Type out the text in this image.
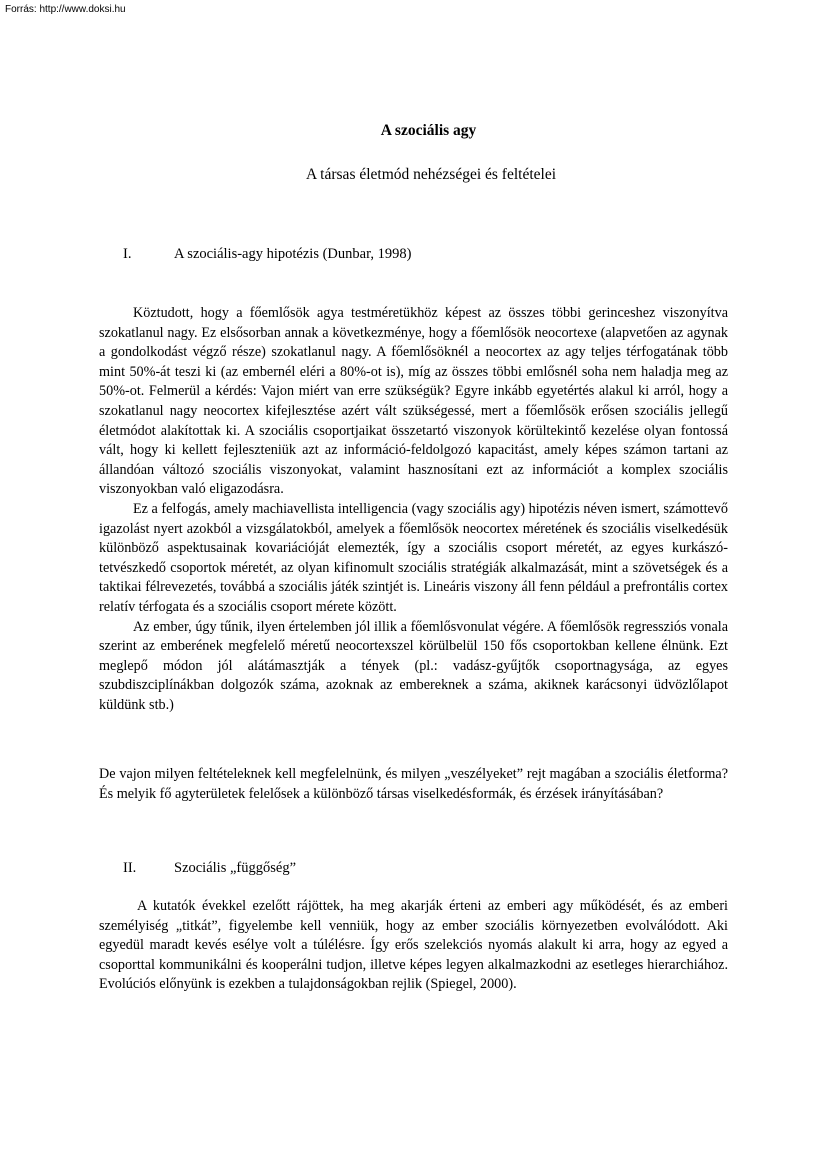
Forrás: http://www.doksi.hu
A szociális agy
A társas életmód nehézségei és feltételei
I.	A szociális-agy hipotézis (Dunbar, 1998)

Köztudott, hogy a főemlősök agya testméretükhöz képest az összes többi gerinceshez viszonyítva szokatlanul nagy. Ez elsősorban annak a következménye, hogy a főemlősök neocortexe (alapvetően az agynak a gondolkodást végző része) szokatlanul nagy. A főemlősöknél a neocortex az agy teljes térfogatának több mint 50%-át teszi ki (az embernél eléri a 80%-ot is), míg az összes többi emlősnél soha nem haladja meg az 50%-ot. Felmerül a kérdés: Vajon miért van erre szükségük? Egyre inkább egyetértés alakul ki arról, hogy a szokatlanul nagy neocortex kifejlesztése azért vált szükségessé, mert a főemlősök erősen szociális jellegű életmódot alakítottak ki. A szociális csoportjaikat összetartó viszonyok körültekintő kezelése olyan fontossá vált, hogy ki kellett fejleszteniük azt az információ-feldolgozó kapacitást, amely képes számon tartani az állandóan változó szociális viszonyokat, valamint hasznosítani ezt az információt a komplex szociális viszonyokban való eligazodásra.

Ez a felfogás, amely machiavellista intelligencia (vagy szociális agy) hipotézis néven ismert, számottevő igazolást nyert azokból a vizsgálatokból, amelyek a főemlősök neocortex méretének és szociális viselkedésük különböző aspektusainak kovariációját elemezték, így a szociális csoport méretét, az egyes kurkászó-tetvészkedő csoportok méretét, az olyan kifinomult szociális stratégiák alkalmazását, mint a szövetségek és a taktikai félrevezetés, továbbá a szociális játék szintjét is. Lineáris viszony áll fenn például a prefrontális cortex relatív térfogata és a szociális csoport mérete között.

Az ember, úgy tűnik, ilyen értelemben jól illik a főemlősvonulat végére. A főemlősök regressziós vonala szerint az emberének megfelelő méretű neocortexszel körülbelül 150 fős csoportokban kellene élnünk. Ezt meglepő módon jól alátámasztják a tények (pl.: vadász-gyűjtők csoportnagysága, az egyes szubdiszciplínákban dolgozók száma, azoknak az embereknek a száma, akiknek karácsonyi üdvözlőlapot küldünk stb.)

De vajon milyen feltételeknek kell megfelelnünk, és milyen „veszélyeket” rejt magában a szociális életforma? És melyik fő agyterületek felelősek a különböző társas viselkedésformák, és érzések irányításában?

II.	Szociális „függőség”

A kutatók évekkel ezelőtt rájöttek, ha meg akarják érteni az emberi agy működését, és az emberi személyiség „titkát”, figyelembe kell venniük, hogy az ember szociális környezetben evolválódott. Aki egyedül maradt kevés esélye volt a túlélésre. Így erős szelekciós nyomás alakult ki arra, hogy az egyed a csoporttal kommunikálni és kooperálni tudjon, illetve képes legyen alkalmazkodni az esetleges hierarchiához. Evolúciós előnyünk is ezekben a tulajdonságokban rejlik (Spiegel, 2000).
